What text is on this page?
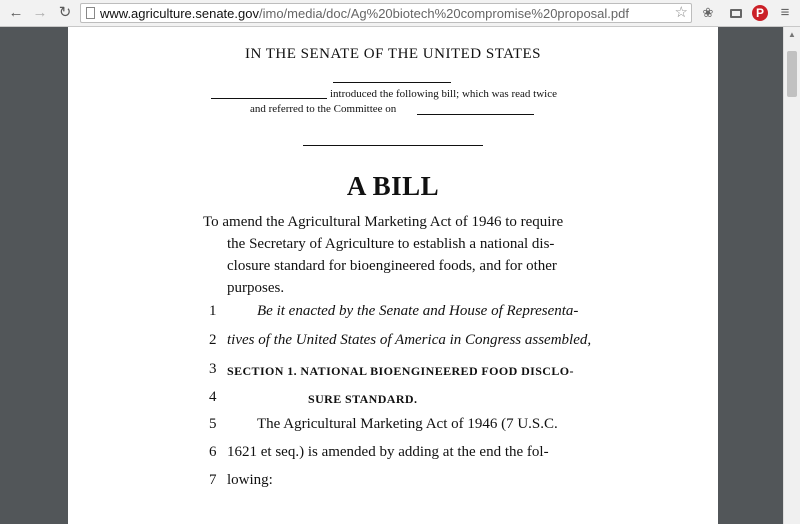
← → ↻ www.agriculture.senate.gov/imo/media/doc/Ag%20biotech%20compromise%20proposal.pdf	☆ ❀	P	≡
IN THE SENATE OF THE UNITED STATES
introduced the following bill; which was read twice
and referred to the Committee on
A BILL
To amend the Agricultural Marketing Act of 1946 to require
the Secretary of Agriculture to establish a national dis-
closure standard for bioengineered foods, and for other
purposes.
1	Be it enacted by the Senate and House of Representa-
2 tives of the United States of America in Congress assembled,
3 SECTION 1. NATIONAL BIOENGINEERED FOOD DISCLO-
4	SURE STANDARD.
5	The Agricultural Marketing Act of 1946 (7 U.S.C.
6 1621 et seq.) is amended by adding at the end the fol-
7 lowing:
▲
